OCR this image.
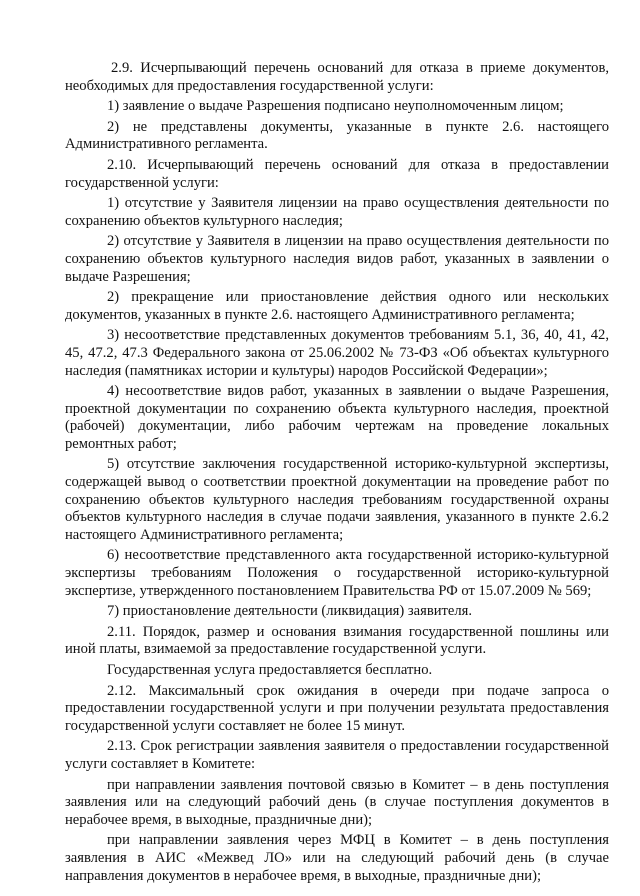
2.9. Исчерпывающий перечень оснований для отказа в приеме документов, необходимых для предоставления государственной услуги:

1) заявление о выдаче Разрешения подписано неуполномоченным лицом;

2) не представлены документы, указанные в пункте 2.6. настоящего Административного регламента.

2.10. Исчерпывающий перечень оснований для отказа в предоставлении государственной услуги:

1) отсутствие у Заявителя лицензии на право осуществления деятельности по сохранению объектов культурного наследия;

2) отсутствие у Заявителя в лицензии на право осуществления деятельности по сохранению объектов культурного наследия видов работ, указанных в заявлении о выдаче Разрешения;

2) прекращение или приостановление действия одного или нескольких документов, указанных в пункте 2.6. настоящего Административного регламента;

3) несоответствие представленных документов требованиям 5.1, 36, 40, 41, 42, 45, 47.2, 47.3 Федерального закона от 25.06.2002 № 73-ФЗ «Об объектах культурного наследия (памятниках истории и культуры) народов Российской Федерации»;

4) несоответствие видов работ, указанных в заявлении о выдаче Разрешения, проектной документации по сохранению объекта культурного наследия, проектной (рабочей) документации, либо рабочим чертежам на проведение локальных ремонтных работ;

5) отсутствие заключения государственной историко-культурной экспертизы, содержащей вывод о соответствии проектной документации на проведение работ по сохранению объектов культурного наследия требованиям государственной охраны объектов культурного наследия в случае подачи заявления, указанного в пункте 2.6.2 настоящего Административного регламента;

6) несоответствие представленного акта государственной историко-культурной экспертизы требованиям Положения о государственной историко-культурной экспертизе, утвержденного постановлением Правительства РФ от 15.07.2009 № 569;

7) приостановление деятельности (ликвидация) заявителя.

2.11. Порядок, размер и основания взимания государственной пошлины или иной платы, взимаемой за предоставление государственной услуги.

Государственная услуга предоставляется бесплатно.

2.12. Максимальный срок ожидания в очереди при подаче запроса о предоставлении государственной услуги и при получении результата предоставления государственной услуги составляет не более 15 минут.

2.13. Срок регистрации заявления заявителя о предоставлении государственной услуги составляет в Комитете:

при направлении заявления почтовой связью в Комитет – в день поступления заявления или на следующий рабочий день (в случае поступления документов в нерабочее время, в выходные, праздничные дни);

при направлении заявления через МФЦ в Комитет – в день поступления заявления в АИС «Межвед ЛО» или на следующий рабочий день (в случае направления документов в нерабочее время, в выходные, праздничные дни);
